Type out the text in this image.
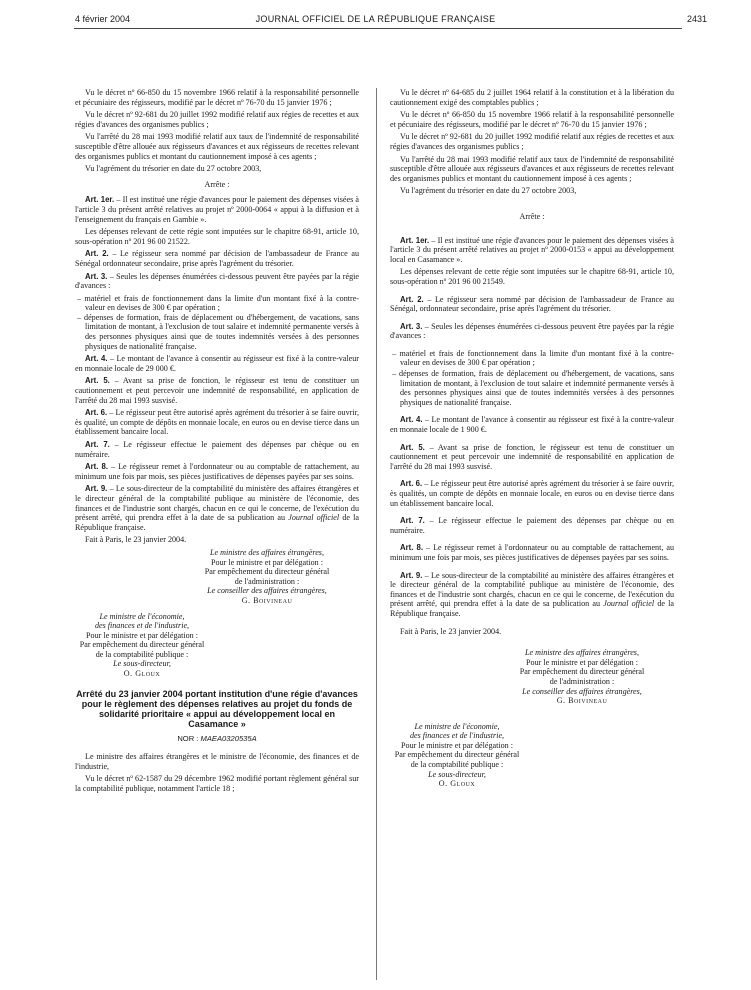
4 février 2004	JOURNAL OFFICIEL DE LA RÉPUBLIQUE FRANÇAISE	2431

Vu le décret nº 66-850 du 15 novembre 1966 relatif à la responsabilité personnelle et pécuniaire des régisseurs, modifié par le décret nº 76-70 du 15 janvier 1976 ;

Vu le décret nº 92-681 du 20 juillet 1992 modifié relatif aux régies de recettes et aux régies d'avances des organismes publics ;

Vu l'arrêté du 28 mai 1993 modifié relatif aux taux de l'indemnité de responsabilité susceptible d'être allouée aux régisseurs d'avances et aux régisseurs de recettes relevant des organismes publics et montant du cautionnement imposé à ces agents ;

Vu l'agrément du trésorier en date du 27 octobre 2003,

Arrête :

Art. 1er. – Il est institué une régie d'avances pour le paiement des dépenses visées à l'article 3 du présent arrêté relatives au projet nº 2000-0064 « appui à la diffusion et à l'enseignement du français en Gambie ».

Les dépenses relevant de cette régie sont imputées sur le chapitre 68-91, article 10, sous-opération nº 201 96 00 21522.

Art. 2. – Le régisseur sera nommé par décision de l'ambassadeur de France au Sénégal ordonnateur secondaire, prise après l'agrément du trésorier.

Art. 3. – Seules les dépenses énumérées ci-dessous peuvent être payées par la régie d'avances :

– matériel et frais de fonctionnement dans la limite d'un montant fixé à la contre-valeur en devises de 300 € par opération ;
– dépenses de formation, frais de déplacement ou d'hébergement, de vacations, sans limitation de montant, à l'exclusion de tout salaire et indemnité permanente versés à des personnes physiques ainsi que de toutes indemnités versées à des personnes physiques de nationalité française.

Art. 4. – Le montant de l'avance à consentir au régisseur est fixé à la contre-valeur en monnaie locale de 29 000 €.

Art. 5. – Avant sa prise de fonction, le régisseur est tenu de constituer un cautionnement et peut percevoir une indemnité de responsabilité, en application de l'arrêté du 28 mai 1993 susvisé.

Art. 6. – Le régisseur peut être autorisé après agrément du trésorier à se faire ouvrir, ès qualité, un compte de dépôts en monnaie locale, en euros ou en devise tierce dans un établissement bancaire local.

Art. 7. – Le régisseur effectue le paiement des dépenses par chèque ou en numéraire.

Art. 8. – Le régisseur remet à l'ordonnateur ou au comptable de rattachement, au minimum une fois par mois, ses pièces justificatives de dépenses payées par ses soins.

Art. 9. – Le sous-directeur de la comptabilité du ministère des affaires étrangères et le directeur général de la comptabilité publique au ministère de l'économie, des finances et de l'industrie sont chargés, chacun en ce qui le concerne, de l'exécution du présent arrêté, qui prendra effet à la date de sa publication au Journal officiel de la République française.

Fait à Paris, le 23 janvier 2004.

Le ministre des affaires étrangères,
Pour le ministre et par délégation :
Par empêchement du directeur général
de l'administration :
Le conseiller des affaires étrangères,
G. Boivineau
Le ministre de l'économie,
des finances et de l'industrie,
Pour le ministre et par délégation :
Par empêchement du directeur général
de la comptabilité publique :
Le sous-directeur,
O. Gloux
Arrêté du 23 janvier 2004 portant institution d'une régie d'avances pour le règlement des dépenses relatives au projet du fonds de solidarité prioritaire « appui au développement local en Casamance »
NOR : MAEA0320535A

Le ministre des affaires étrangères et le ministre de l'économie, des finances et de l'industrie,

Vu le décret nº 62-1587 du 29 décembre 1962 modifié portant règlement général sur la comptabilité publique, notamment l'article 18 ;

Vu le décret nº 64-685 du 2 juillet 1964 relatif à la constitution et à la libération du cautionnement exigé des comptables publics ;

Vu le décret nº 66-850 du 15 novembre 1966 relatif à la responsabilité personnelle et pécuniaire des régisseurs, modifié par le décret nº 76-70 du 15 janvier 1976 ;

Vu le décret nº 92-681 du 20 juillet 1992 modifié relatif aux régies de recettes et aux régies d'avances des organismes publics ;

Vu l'arrêté du 28 mai 1993 modifié relatif aux taux de l'indemnité de responsabilité susceptible d'être allouée aux régisseurs d'avances et aux régisseurs de recettes relevant des organismes publics et montant du cautionnement imposé à ces agents ;

Vu l'agrément du trésorier en date du 27 octobre 2003,

Arrête :

Art. 1er. – Il est institué une régie d'avances pour le paiement des dépenses visées à l'article 3 du présent arrêté relatives au projet nº 2000-0153 « appui au développement local en Casamance ».

Les dépenses relevant de cette régie sont imputées sur le chapitre 68-91, article 10, sous-opération nº 201 96 00 21549.

Art. 2. – Le régisseur sera nommé par décision de l'ambassadeur de France au Sénégal, ordonnateur secondaire, prise après l'agrément du trésorier.

Art. 3. – Seules les dépenses énumérées ci-dessous peuvent être payées par la régie d'avances :

– matériel et frais de fonctionnement dans la limite d'un montant fixé à la contre-valeur en devises de 300 € par opération ;
– dépenses de formation, frais de déplacement ou d'hébergement, de vacations, sans limitation de montant, à l'exclusion de tout salaire et indemnité permanente versés à des personnes physiques ainsi que de toutes indemnités versées à des personnes physiques de nationalité française.

Art. 4. – Le montant de l'avance à consentir au régisseur est fixé à la contre-valeur en monnaie locale de 1 900 €.

Art. 5. – Avant sa prise de fonction, le régisseur est tenu de constituer un cautionnement et peut percevoir une indemnité de responsabilité en application de l'arrêté du 28 mai 1993 susvisé.

Art. 6. – Le régisseur peut être autorisé après agrément du trésorier à se faire ouvrir, ès qualités, un compte de dépôts en monnaie locale, en euros ou en devise tierce dans un établissement bancaire local.

Art. 7. – Le régisseur effectue le paiement des dépenses par chèque ou en numéraire.

Art. 8. – Le régisseur remet à l'ordonnateur ou au comptable de rattachement, au minimum une fois par mois, ses pièces justificatives de dépenses payées par ses soins.

Art. 9. – Le sous-directeur de la comptabilité au ministère des affaires étrangères et le directeur général de la comptabilité publique au ministère de l'économie, des finances et de l'industrie sont chargés, chacun en ce qui le concerne, de l'exécution du présent arrêté, qui prendra effet à la date de sa publication au Journal officiel de la République française.

Fait à Paris, le 23 janvier 2004.

Le ministre des affaires étrangères,
Pour le ministre et par délégation :
Par empêchement du directeur général
de l'administration :
Le conseiller des affaires étrangères,
G. Boivineau
Le ministre de l'économie,
des finances et de l'industrie,
Pour le ministre et par délégation :
Par empêchement du directeur général
de la comptabilité publique :
Le sous-directeur,
O. Gloux
